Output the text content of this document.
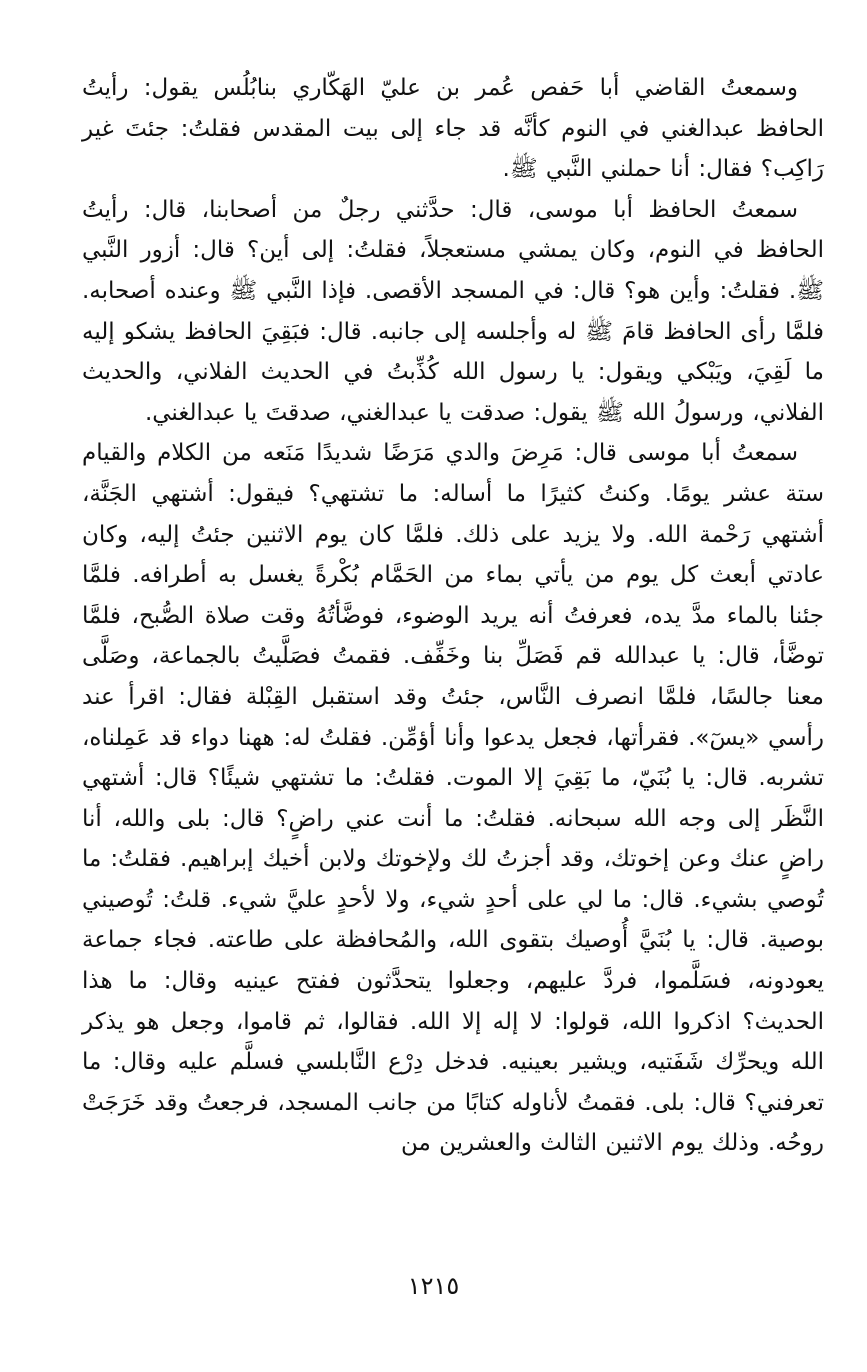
وسمعتُ القاضي أبا حَفص عُمر بن عليّ الهَكّاري بنابُلُس يقول: رأيتُ الحافظ عبدالغني في النوم كأنَّه قد جاء إلى بيت المقدس فقلتُ: جئتَ غير رَاكِب؟ فقال: أنا حملني النَّبي ﷺ.

سمعتُ الحافظ أبا موسى، قال: حدَّثني رجلٌ من أصحابنا، قال: رأيتُ الحافظ في النوم، وكان يمشي مستعجلاً، فقلتُ: إلى أين؟ قال: أزور النَّبي ﷺ. فقلتُ: وأين هو؟ قال: في المسجد الأقصى. فإذا النَّبي ﷺ وعنده أصحابه. فلمَّا رأى الحافظ قامَ ﷺ له وأجلسه إلى جانبه. قال: فبَقِيَ الحافظ يشكو إليه ما لَقِيَ، ويَبْكي ويقول: يا رسول الله كُذِّبتُ في الحديث الفلاني، والحديث الفلاني، ورسولُ الله ﷺ يقول: صدقت يا عبدالغني، صدقتَ يا عبدالغني.

سمعتُ أبا موسى قال: مَرِضَ والدي مَرَضًا شديدًا مَنَعه من الكلام والقيام ستة عشر يومًا. وكنتُ كثيرًا ما أساله: ما تشتهي؟ فيقول: أشتهي الجَنَّة، أشتهي رَحْمة الله. ولا يزيد على ذلك. فلمَّا كان يوم الاثنين جئتُ إليه، وكان عادتي أبعث كل يوم من يأتي بماء من الحَمَّام بُكْرةً يغسل به أطرافه. فلمَّا جئنا بالماء مدَّ يده، فعرفتُ أنه يريد الوضوء، فوضَّأتُهُ وقت صلاة الصُّبح، فلمَّا توضَّأ، قال: يا عبدالله قم فَصَلِّ بنا وخَفِّف. فقمتُ فصَلَّيتُ بالجماعة، وصَلَّى معنا جالسًا، فلمَّا انصرف النَّاس، جئتُ وقد استقبل القِبْلة فقال: اقرأ عند رأسي «يسٓ». فقرأتها، فجعل يدعوا وأنا أؤمِّن. فقلتُ له: ههنا دواء قد عَمِلناه، تشربه. قال: يا بُنَيّ، ما بَقِيَ إلا الموت. فقلتُ: ما تشتهي شيئًا؟ قال: أشتهي النَّظَر إلى وجه الله سبحانه. فقلتُ: ما أنت عني راضٍ؟ قال: بلى والله، أنا راضٍ عنك وعن إخوتك، وقد أجزتُ لك ولإخوتك ولابن أخيك إبراهيم. فقلتُ: ما تُوصي بشيء. قال: ما لي على أحدٍ شيء، ولا لأحدٍ عليَّ شيء. قلتُ: تُوصيني بوصية. قال: يا بُنَيَّ أُوصيك بتقوى الله، والمُحافظة على طاعته. فجاء جماعة يعودونه، فسَلَّموا، فردَّ عليهم، وجعلوا يتحدَّثون ففتح عينيه وقال: ما هذا الحديث؟ اذكروا الله، قولوا: لا إله إلا الله. فقالوا، ثم قاموا، وجعل هو يذكر الله ويحرِّك شَفَتيه، ويشير بعينيه. فدخل دِرْع النَّابلسي فسلَّم عليه وقال: ما تعرفني؟ قال: بلى. فقمتُ لأناوله كتابًا من جانب المسجد، فرجعتُ وقد خَرَجَتْ روحُه. وذلك يوم الاثنين الثالث والعشرين من

١٢١٥
